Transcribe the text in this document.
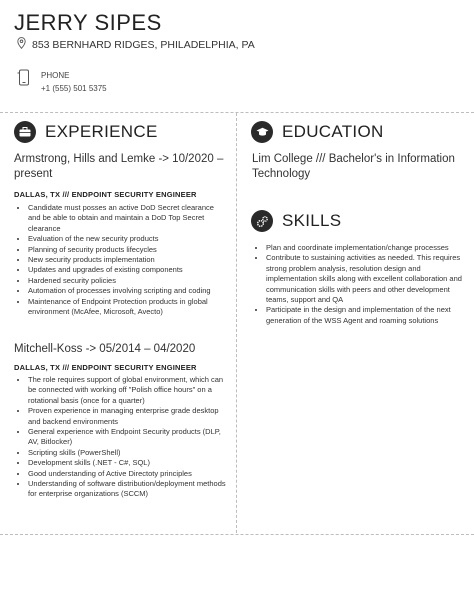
JERRY SIPES
853 BERNHARD RIDGES, PHILADELPHIA, PA
PHONE
+1 (555) 501 5375
EXPERIENCE
Armstrong, Hills and Lemke -> 10/2020 – present
DALLAS, TX /// ENDPOINT SECURITY ENGINEER
• Candidate must posses an active DoD Secret clearance and be able to obtain and maintain a DoD Top Secret clearance
• Evaluation of the new security products
• Planning of security products lifecycles
• New security products implementation
• Updates and upgrades of existing components
• Hardened security policies
• Automation of processes involving scripting and coding
• Maintenance of Endpoint Protection products in global environment (McAfee, Microsoft, Avecto)
Mitchell-Koss -> 05/2014 – 04/2020
DALLAS, TX /// ENDPOINT SECURITY ENGINEER
• The role requires support of global environment, which can be connected with working off "Polish office hours" on a rotational basis (once for a quarter)
• Proven experience in managing enterprise grade desktop and backend environments
• General experience with Endpoint Security products (DLP, AV, Bitlocker)
• Scripting skills (PowerShell)
• Development skills (.NET - C#, SQL)
• Good understanding of Active Directoty principles
• Understanding of software distribution/deployment methods for enterprise organizations (SCCM)
EDUCATION
Lim College /// Bachelor's in Information Technology
SKILLS
• Plan and coordinate implementation/change processes
• Contribute to sustaining activities as needed. This requires strong problem analysis, resolution design and implementation skills along with excellent collaboration and communication skills with peers and other development teams, support and QA
• Participate in the design and implementation of the next generation of the WSS Agent and roaming solutions
